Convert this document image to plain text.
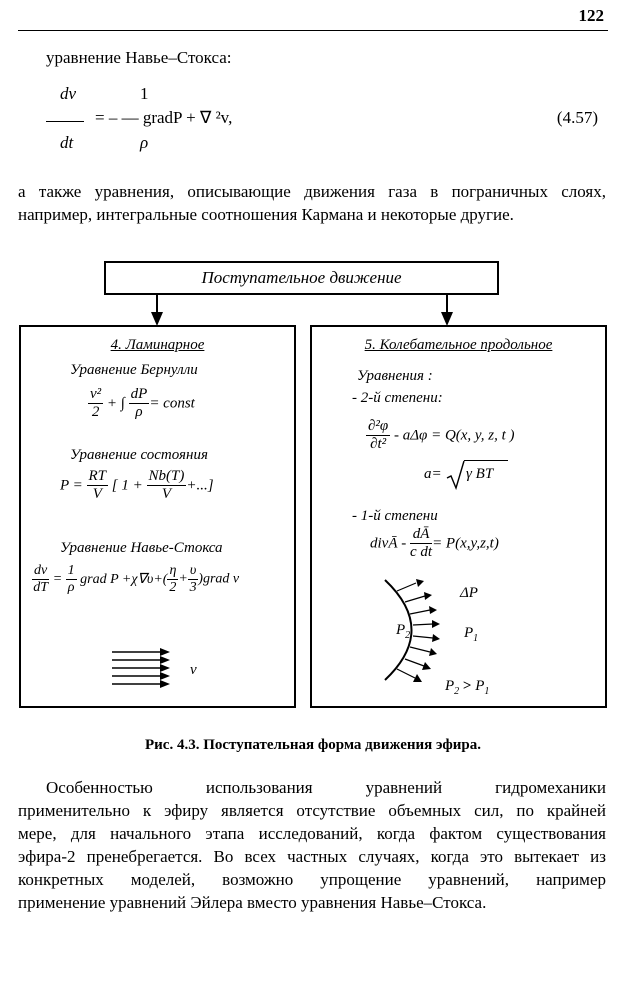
122
уравнение Навье–Стокса:
dv	1
= – — gradP + ∇ ²v,
dt	ρ
(4.57)
а также уравнения, описывающие движения газа в пограничных слоях,
например, интегральные соотношения Кармана и некоторые другие.
Поступательное движение
4. Ламинарное
Уравнение Бернулли
$\frac{\text{v²}}{2}$ + ∫ $\frac{dP}{\rho}$ = const
Уравнение состояния
$P = \frac{RT}{V}$ [ $1 + \frac{Nb(T)}{V}$ +...]
Уравнение Навье-Стокса
$\frac{dv}{dT} = \frac{1}{\rho}$ grad $P +\chi\nabla\upsilon+( \frac{\eta}{2} + \frac{\upsilon}{3}$ )grad v
v
5. Колебательное продольное
Уравнения :
- 2-й степени:
$\frac{\text{∂²φ}}{\text{∂t²}} - a\Delta\varphi = Q(x$, y, z, t )
a= γ BT
- 1-й степени
divĀ - $\frac{dĀ}{\text{c dt}} = P(x,y,z,t)$
ΔP
$P_2$	$P_1$
$P_2 > P_1$
Рис. 4.3. Поступательная форма движения эфира.
Особенностью использования уравнений гидромеханики
применительно к эфиру является отсутствие объемных сил, по крайней
мере, для начального этапа исследований, когда фактом существования
эфира-2 пренебрегается. Во всех частных случаях, когда это вытекает из
конкретных моделей, возможно упрощение уравнений, например
применение уравнений Эйлера вместо уравнения Навье–Стокса.
